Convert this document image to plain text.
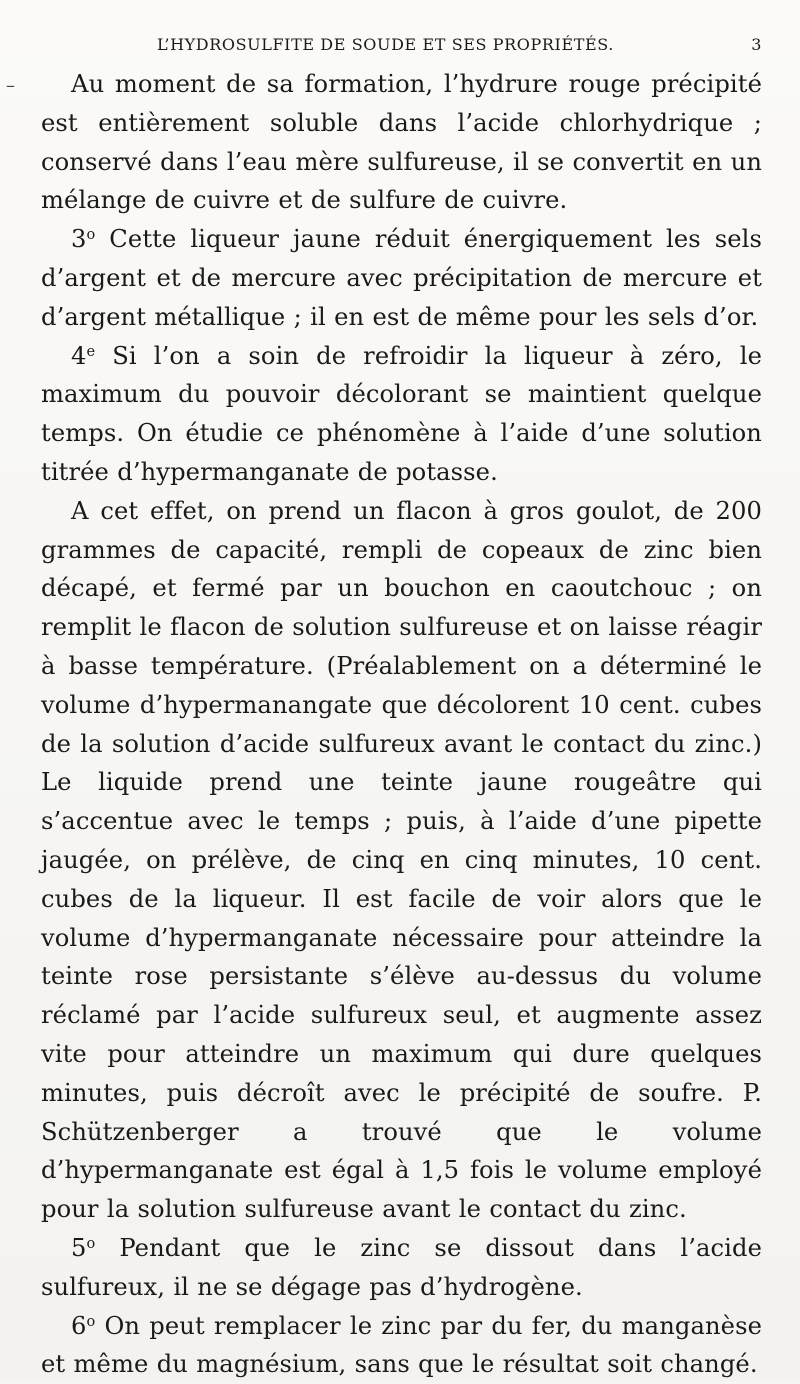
–
L’HYDROSULFITE DE SOUDE ET SES PROPRIÉTÉS.	3

Au moment de sa formation, l’hydrure rouge précipité est entièrement soluble dans l’acide chlorhydrique ; conservé dans l’eau mère sulfureuse, il se convertit en un mélange de cuivre et de sulfure de cuivre.

3$^o$ Cette liqueur jaune réduit énergiquement les sels d’argent et de mercure avec précipitation de mercure et d’argent métallique ; il en est de même pour les sels d’or.

4e Si l’on a soin de refroidir la liqueur à zéro, le maximum du pouvoir décolorant se maintient quelque temps. On étudie ce phénomène à l’aide d’une solution titrée d’hypermanganate de potasse.

A cet effet, on prend un flacon à gros goulot, de 200 grammes de capacité, rempli de copeaux de zinc bien décapé, et fermé par un bouchon en caoutchouc ; on remplit le flacon de solution sulfureuse et on laisse réagir à basse température. (Préalablement on a déterminé le volume d’hypermanangate que décolorent 10 cent. cubes de la solution d’acide sulfureux avant le contact du zinc.) Le liquide prend une teinte jaune rougeâtre qui s’accentue avec le temps ; puis, à l’aide d’une pipette jaugée, on prélève, de cinq en cinq minutes, 10 cent. cubes de la liqueur. Il est facile de voir alors que le volume d’hypermanganate nécessaire pour atteindre la teinte rose persistante s’élève au-dessus du volume réclamé par l’acide sulfureux seul, et augmente assez vite pour atteindre un maximum qui dure quelques minutes, puis décroît avec le précipité de soufre. P. Schützenberger a trouvé que le volume d’hypermanganate est égal à 1,5 fois le volume employé pour la solution sulfureuse avant le contact du zinc.

5$^o$ Pendant que le zinc se dissout dans l’acide sulfureux, il ne se dégage pas d’hydrogène.

6$^o$ On peut remplacer le zinc par du fer, du manganèse et même du magnésium, sans que le résultat soit changé.
